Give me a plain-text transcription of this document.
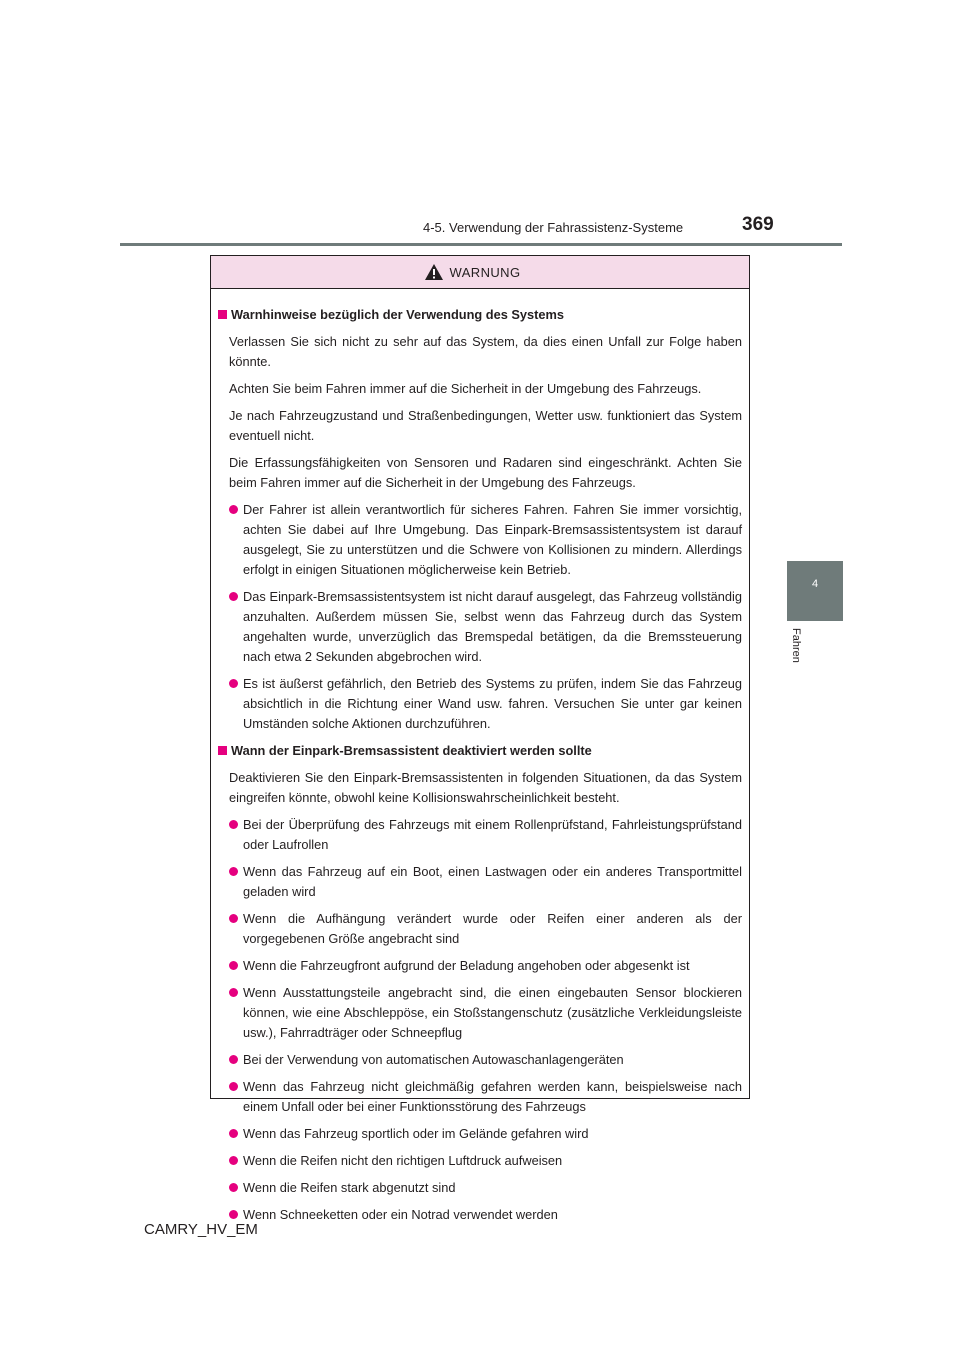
4-5. Verwendung der Fahrassistenz-Systeme	369
4
Fahren
WARNUNG
Warnhinweise bezüglich der Verwendung des Systems
Verlassen Sie sich nicht zu sehr auf das System, da dies einen Unfall zur Folge haben könnte.
Achten Sie beim Fahren immer auf die Sicherheit in der Umgebung des Fahrzeugs.
Je nach Fahrzeugzustand und Straßenbedingungen, Wetter usw. funktioniert das System eventuell nicht.
Die Erfassungsfähigkeiten von Sensoren und Radaren sind eingeschränkt. Achten Sie beim Fahren immer auf die Sicherheit in der Umgebung des Fahrzeugs.
Der Fahrer ist allein verantwortlich für sicheres Fahren. Fahren Sie immer vorsichtig, achten Sie dabei auf Ihre Umgebung. Das Einpark-Bremsassistentsystem ist darauf ausgelegt, Sie zu unterstützen und die Schwere von Kollisionen zu mindern. Allerdings erfolgt in einigen Situationen möglicherweise kein Betrieb.
Das Einpark-Bremsassistentsystem ist nicht darauf ausgelegt, das Fahrzeug vollständig anzuhalten. Außerdem müssen Sie, selbst wenn das Fahrzeug durch das System angehalten wurde, unverzüglich das Bremspedal betätigen, da die Bremssteuerung nach etwa 2 Sekunden abgebrochen wird.
Es ist äußerst gefährlich, den Betrieb des Systems zu prüfen, indem Sie das Fahrzeug absichtlich in die Richtung einer Wand usw. fahren. Versuchen Sie unter gar keinen Umständen solche Aktionen durchzuführen.
Wann der Einpark-Bremsassistent deaktiviert werden sollte
Deaktivieren Sie den Einpark-Bremsassistenten in folgenden Situationen, da das System eingreifen könnte, obwohl keine Kollisionswahrscheinlichkeit besteht.
Bei der Überprüfung des Fahrzeugs mit einem Rollenprüfstand, Fahrleistungsprüfstand oder Laufrollen
Wenn das Fahrzeug auf ein Boot, einen Lastwagen oder ein anderes Transportmittel geladen wird
Wenn die Aufhängung verändert wurde oder Reifen einer anderen als der vorgegebenen Größe angebracht sind
Wenn die Fahrzeugfront aufgrund der Beladung angehoben oder abgesenkt ist
Wenn Ausstattungsteile angebracht sind, die einen eingebauten Sensor blockieren können, wie eine Abschleppöse, ein Stoßstangenschutz (zusätzliche Verkleidungsleiste usw.), Fahrradträger oder Schneepflug
Bei der Verwendung von automatischen Autowaschanlagengeräten
Wenn das Fahrzeug nicht gleichmäßig gefahren werden kann, beispielsweise nach einem Unfall oder bei einer Funktionsstörung des Fahrzeugs
Wenn das Fahrzeug sportlich oder im Gelände gefahren wird
Wenn die Reifen nicht den richtigen Luftdruck aufweisen
Wenn die Reifen stark abgenutzt sind
Wenn Schneeketten oder ein Notrad verwendet werden
CAMRY_HV_EM
